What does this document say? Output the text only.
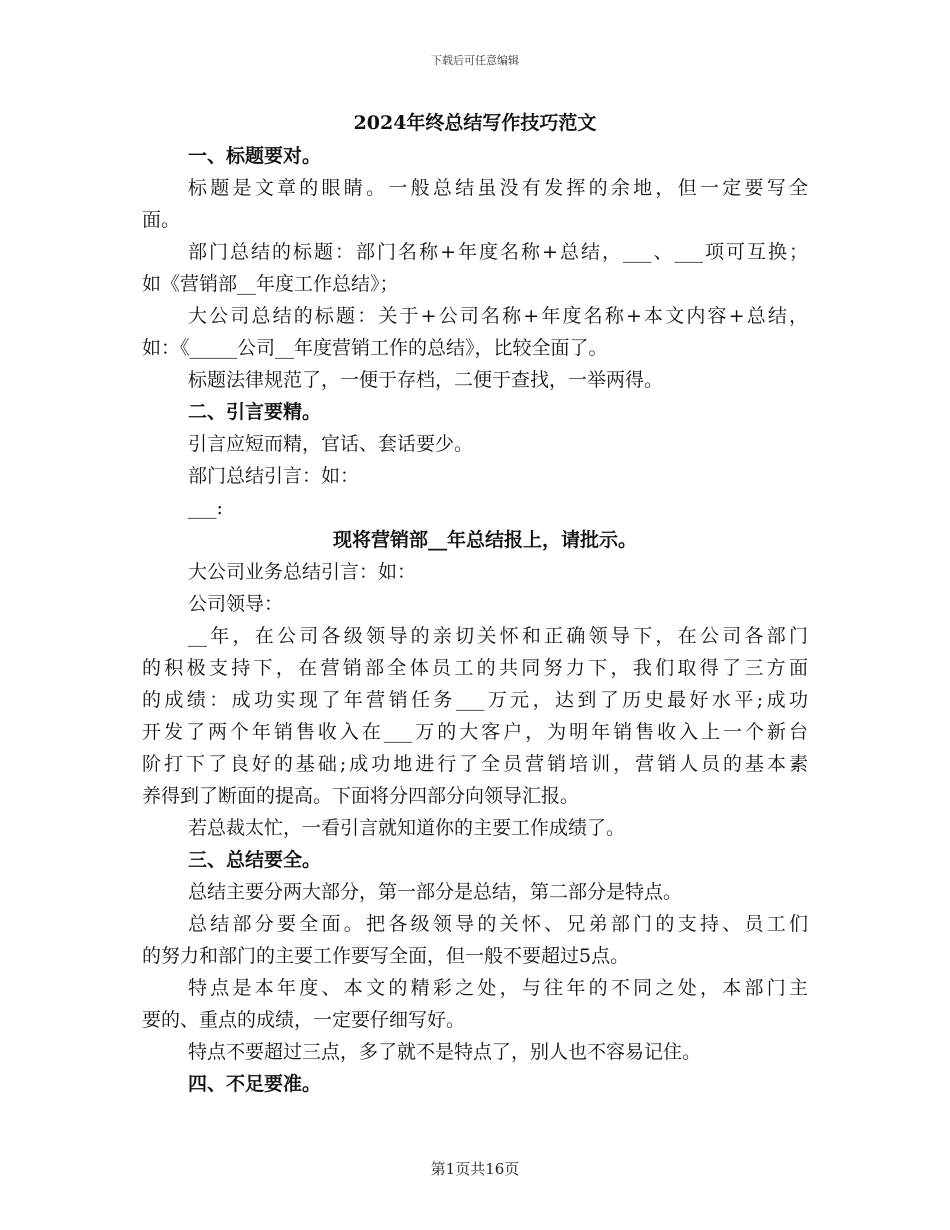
下载后可任意编辑
2024年终总结写作技巧范文

一、标题要对。

标题是文章的眼睛。一般总结虽没有发挥的余地，但一定要写全

面。

部门总结的标题：部门名称+年度名称+总结，___、___项可互换；

如《营销部__年度工作总结》；

大公司总结的标题：关于+公司名称+年度名称+本文内容+总结，

如：《_____公司__年度营销工作的总结》，比较全面了。

标题法律规范了，一便于存档，二便于查找，一举两得。

二、引言要精。

引言应短而精，官话、套话要少。

部门总结引言：如：

___:

现将营销部__年总结报上，请批示。

大公司业务总结引言：如：

公司领导：

__年，在公司各级领导的亲切关怀和正确领导下，在公司各部门

的积极支持下，在营销部全体员工的共同努力下，我们取得了三方面

的成绩：成功实现了年营销任务___万元，达到了历史最好水平;成功

开发了两个年销售收入在___万的大客户，为明年销售收入上一个新台

阶打下了良好的基础;成功地进行了全员营销培训，营销人员的基本素

养得到了断面的提高。下面将分四部分向领导汇报。

若总裁太忙，一看引言就知道你的主要工作成绩了。

三、总结要全。

总结主要分两大部分，第一部分是总结，第二部分是特点。

总结部分要全面。把各级领导的关怀、兄弟部门的支持、员工们

的努力和部门的主要工作要写全面，但一般不要超过5点。

特点是本年度、本文的精彩之处，与往年的不同之处，本部门主

要的、重点的成绩，一定要仔细写好。

特点不要超过三点，多了就不是特点了，别人也不容易记住。

四、不足要准。

第1页共16页
